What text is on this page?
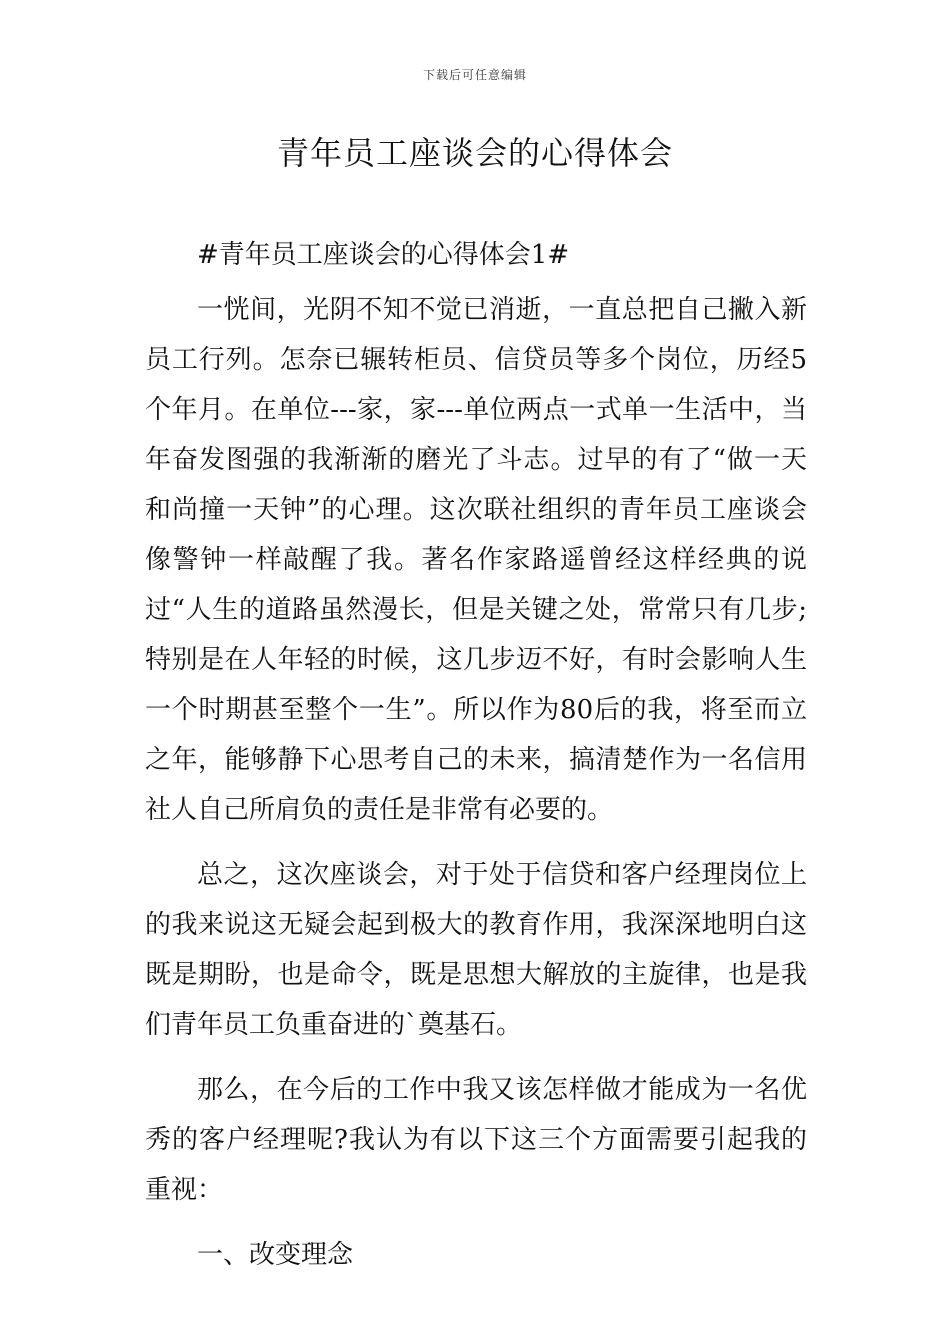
下载后可任意编辑
青年员工座谈会的心得体会

#青年员工座谈会的心得体会1#

一恍间，光阴不知不觉已消逝，一直总把自己撇入新员工行列。怎奈已辗转柜员、信贷员等多个岗位，历经5个年月。在单位---家，家---单位两点一式单一生活中，当年奋发图强的我渐渐的磨光了斗志。过早的有了“做一天和尚撞一天钟”的心理。这次联社组织的青年员工座谈会像警钟一样敲醒了我。著名作家路遥曾经这样经典的说过“人生的道路虽然漫长，但是关键之处，常常只有几步;特别是在人年轻的时候，这几步迈不好，有时会影响人生一个时期甚至整个一生”。所以作为80后的我，将至而立之年，能够静下心思考自己的未来，搞清楚作为一名信用社人自己所肩负的责任是非常有必要的。

总之，这次座谈会，对于处于信贷和客户经理岗位上的我来说这无疑会起到极大的教育作用，我深深地明白这既是期盼，也是命令，既是思想大解放的主旋律，也是我们青年员工负重奋进的`奠基石。

那么，在今后的工作中我又该怎样做才能成为一名优秀的客户经理呢?我认为有以下这三个方面需要引起我的重视：

一、改变理念
